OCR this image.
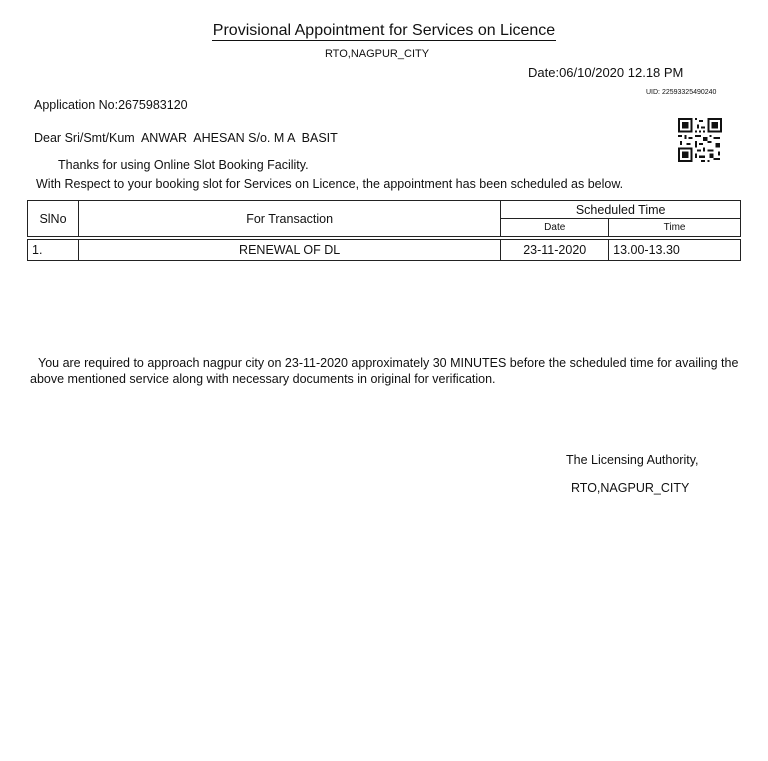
Provisional Appointment for Services on Licence
RTO,NAGPUR_CITY
Date:06/10/2020 12.18 PM
UID: 22593325490240
Application No:2675983120
Dear Sri/Smt/Kum  ANWAR  AHESAN S/o. M A  BASIT
Thanks for using Online Slot Booking Facility.
With Respect to your booking slot for Services on Licence, the appointment has been scheduled as below.
SlNo	For Transaction	Scheduled Time	
		Date	Time

1.	RENEWAL OF DL	23-11-2020	13.00-13.30
You are required to approach nagpur city on 23-11-2020 approximately 30 MINUTES before the scheduled time for availing the above mentioned service along with necessary documents in original for verification.
The Licensing Authority,
RTO,NAGPUR_CITY
